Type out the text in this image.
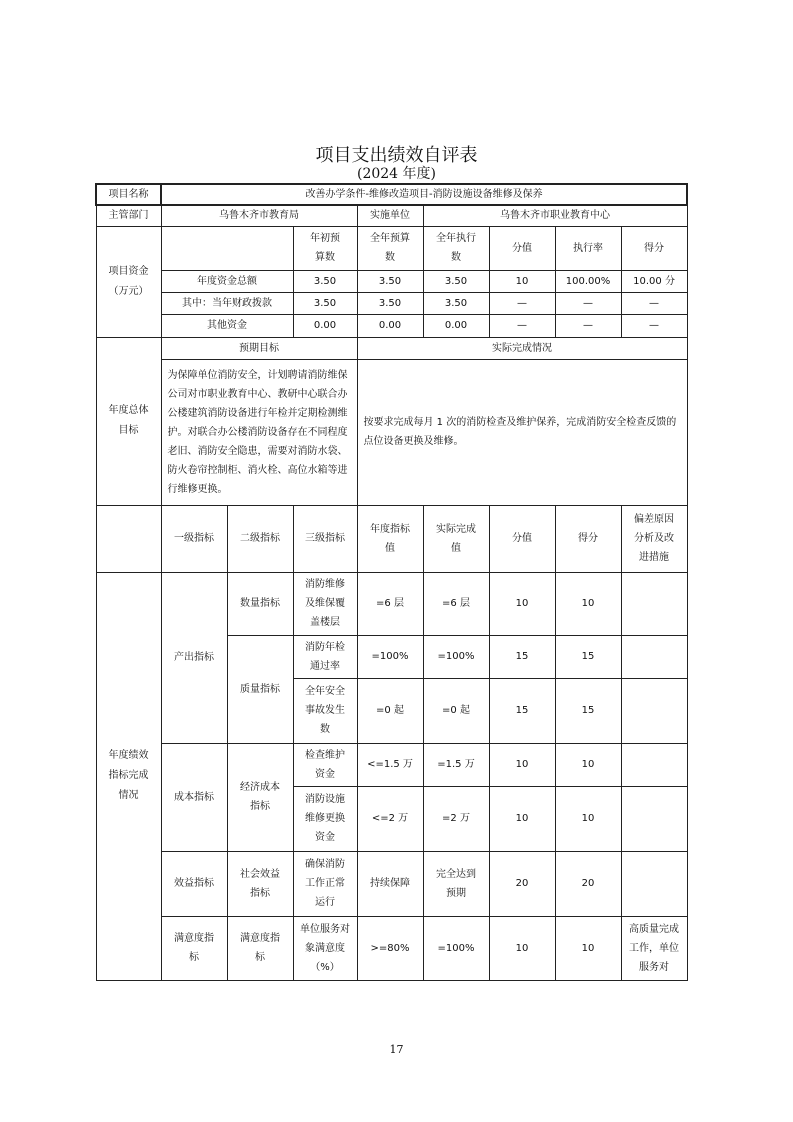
项目支出绩效自评表
(2024 年度)
项目名称	改善办学条件-维修改造项目-消防设施设备维修及保养							
主管部门	乌鲁木齐市教育局			实施单位	乌鲁木齐市职业教育中心			
项目资金（万元）			年初预算数	全年预算数	全年执行数	分值	执行率	得分
	年度资金总额		3.50	3.50	3.50	10	100.00%	10.00 分
	其中：当年财政拨款		3.50	3.50	3.50	—	—	—
	其他资金		0.00	0.00	0.00	—	—	—
年度总体目标	预期目标			实际完成情况				
	为保障单位消防安全，计划聘请消防维保公司对市职业教育中心、教研中心联合办公楼建筑消防设备进行年检并定期检测维护。对联合办公楼消防设备存在不同程度老旧、消防安全隐患，需要对消防水袋、防火卷帘控制柜、消火栓、高位水箱等进行维修更换。			按要求完成每月 1 次的消防检查及维护保养，完成消防安全检查反馈的点位设备更换及维修。				
	一级指标	二级指标	三级指标	年度指标值	实际完成值	分值	得分	偏差原因分析及改进措施
年度绩效指标完成情况	产出指标	数量指标	消防维修及维保覆盖楼层	=6 层	=6 层	10	10	
		质量指标	消防年检通过率	=100%	=100%	15	15	
			全年安全事故发生数	=0 起	=0 起	15	15	
	成本指标	经济成本指标	检查维护资金	<=1.5 万	=1.5 万	10	10	
			消防设施维修更换资金	<=2 万	=2 万	10	10	
	效益指标	社会效益指标	确保消防工作正常运行	持续保障	完全达到预期	20	20	
	满意度指标	满意度指标	单位服务对象满意度（%）	>=80%	=100%	10	10	高质量完成工作，单位服务对
17
